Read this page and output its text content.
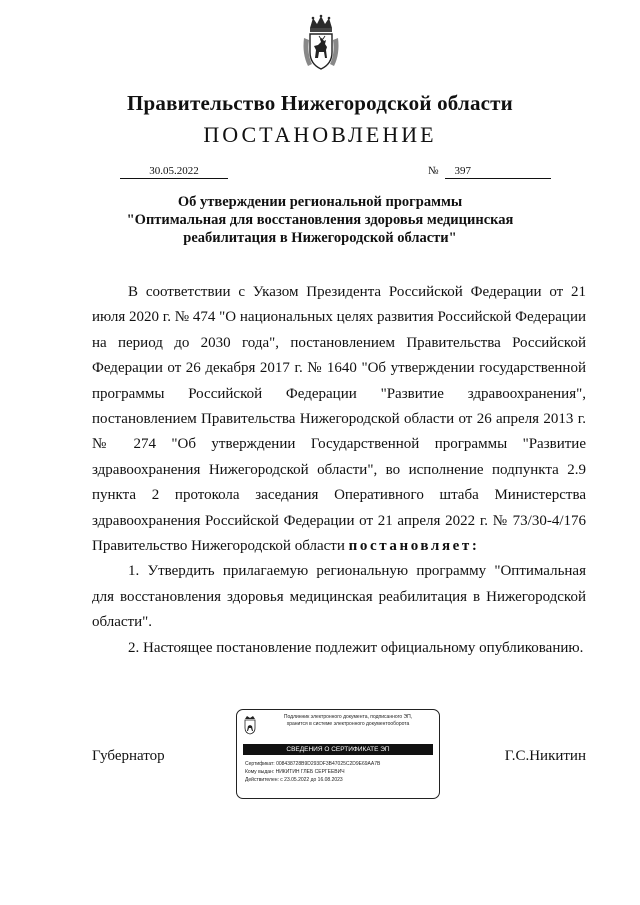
Правительство Нижегородской области
ПОСТАНОВЛЕНИЕ
30.05.2022	№ 397
Об утверждении региональной программы
"Оптимальная для восстановления здоровья медицинская
реабилитация в Нижегородской области"

В соответствии с Указом Президента Российской Федерации от 21 июля 2020 г. № 474 "О национальных целях развития Российской Федерации на период до 2030 года", постановлением Правительства Российской Федерации от 26 декабря 2017 г. № 1640 "Об утверждении государственной программы Российской Федерации "Развитие здравоохранения", постановлением Правительства Нижегородской области от 26 апреля 2013 г. № 274 "Об утверждении Государственной программы "Развитие здравоохранения Нижегородской области", во исполнение подпункта 2.9 пункта 2 протокола заседания Оперативного штаба Министерства здравоохранения Российской Федерации от 21 апреля 2022 г. № 73/30-4/176 Правительство Нижегородской области постановляет:

1. Утвердить прилагаемую региональную программу "Оптимальная для восстановления здоровья медицинская реабилитация в Нижегородской области".

2. Настоящее постановление подлежит официальному опубликованию.

Губернатор	Г.С.Никитин
Подлинник электронного документа, подписанного ЭП,
хранится в системе электронного документооборота
СВЕДЕНИЯ О СЕРТИФИКАТЕ ЭП
Сертификат: 008438728B9D293DF3B47025C2D9E69AA7B
Кому выдан: НИКИТИН ГЛЕБ СЕРГЕЕВИЧ
Действителен: с 23.05.2022 до 16.08.2023
